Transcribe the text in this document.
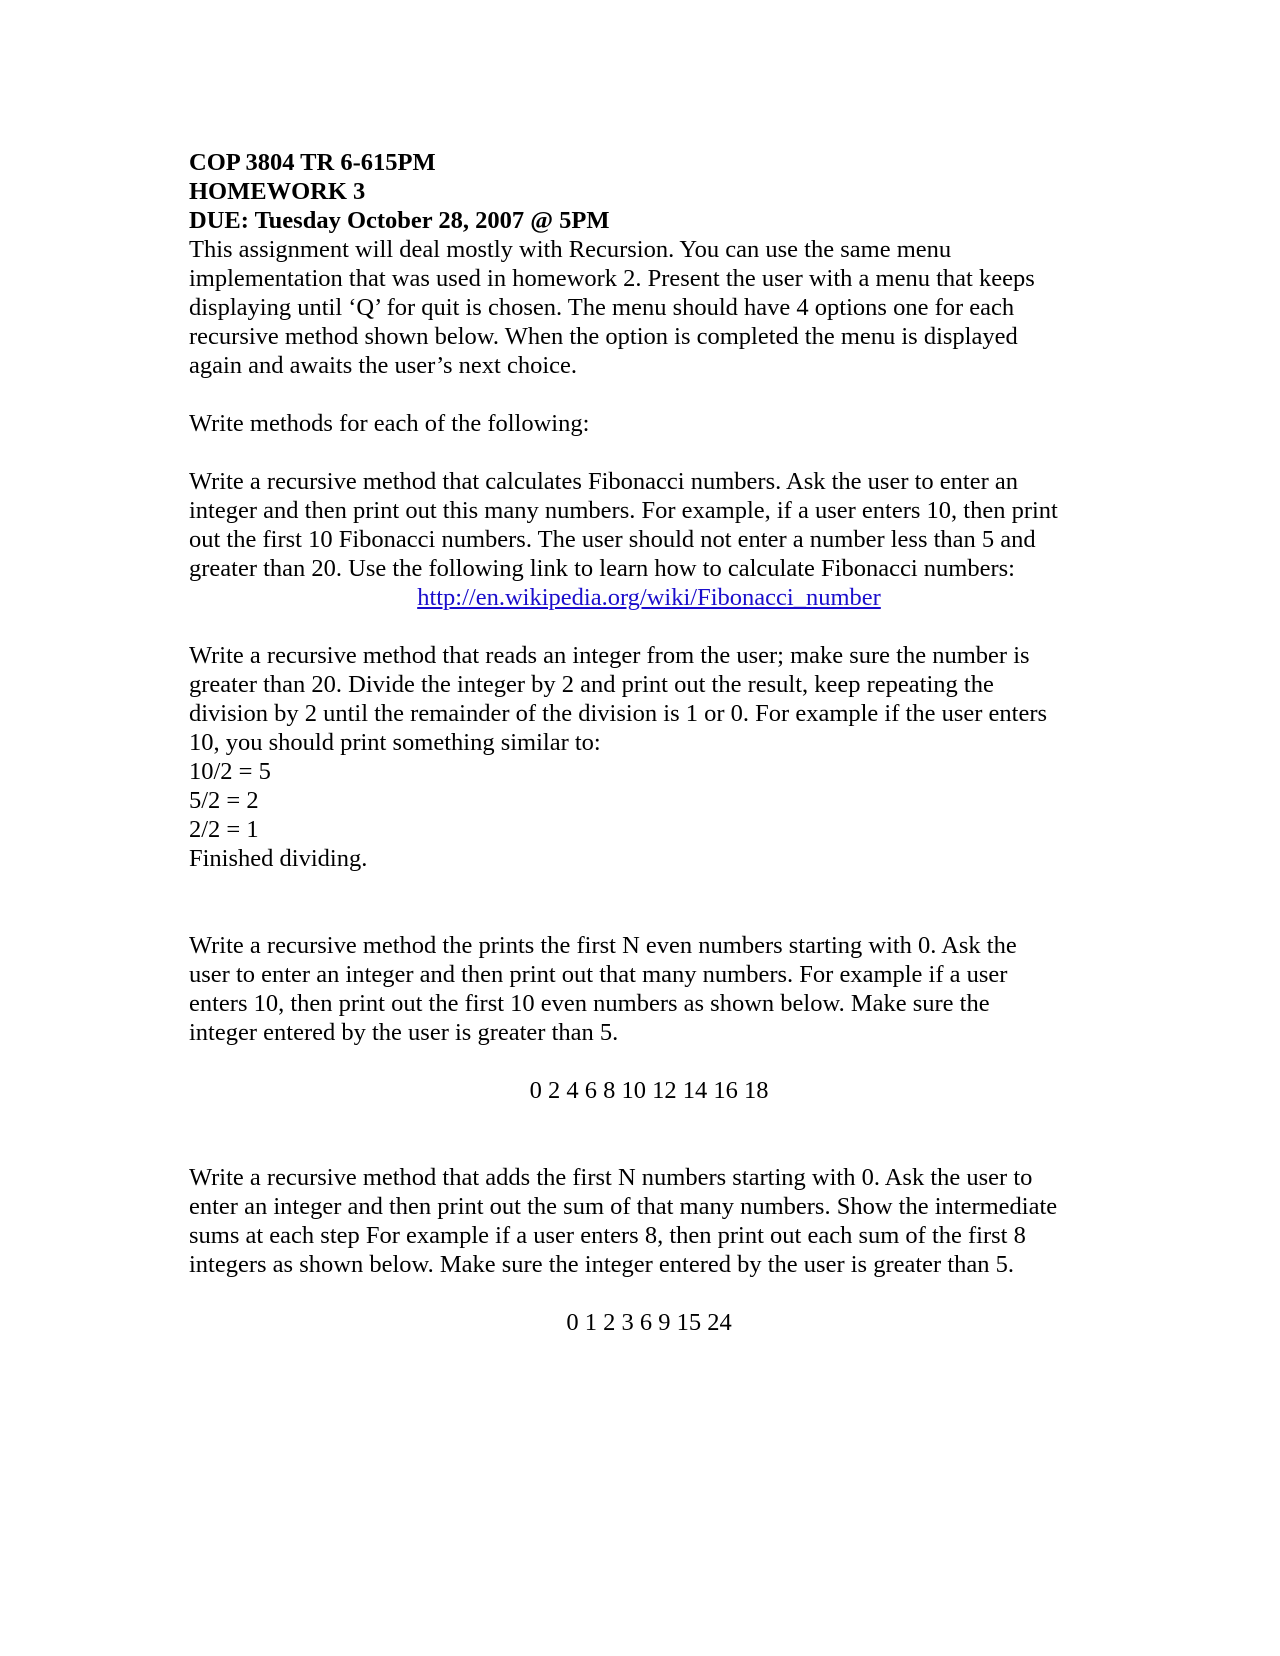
COP 3804 TR 6-615PM
HOMEWORK 3
DUE: Tuesday October 28, 2007 @ 5PM
This assignment will deal mostly with Recursion. You can use the same menu
implementation that was used in homework 2. Present the user with a menu that keeps
displaying until ‘Q’ for quit is chosen. The menu should have 4 options one for each
recursive method shown below. When the option is completed the menu is displayed
again and awaits the user’s next choice.
Write methods for each of the following:
Write a recursive method that calculates Fibonacci numbers. Ask the user to enter an
integer and then print out this many numbers. For example, if a user enters 10, then print
out the first 10 Fibonacci numbers. The user should not enter a number less than 5 and
greater than 20. Use the following link to learn how to calculate Fibonacci numbers:
http://en.wikipedia.org/wiki/Fibonacci_number
Write a recursive method that reads an integer from the user; make sure the number is
greater than 20. Divide the integer by 2 and print out the result, keep repeating the
division by 2 until the remainder of the division is 1 or 0. For example if the user enters
10, you should print something similar to:
10/2 = 5
5/2 = 2
2/2 = 1
Finished dividing.
Write a recursive method the prints the first N even numbers starting with 0. Ask the
user to enter an integer and then print out that many numbers. For example if a user
enters 10, then print out the first 10 even numbers as shown below. Make sure the
integer entered by the user is greater than 5.
0 2 4 6 8 10 12 14 16 18
Write a recursive method that adds the first N numbers starting with 0. Ask the user to
enter an integer and then print out the sum of that many numbers. Show the intermediate
sums at each step For example if a user enters 8, then print out each sum of the first 8
integers as shown below. Make sure the integer entered by the user is greater than 5.
0 1 2 3 6 9 15 24
